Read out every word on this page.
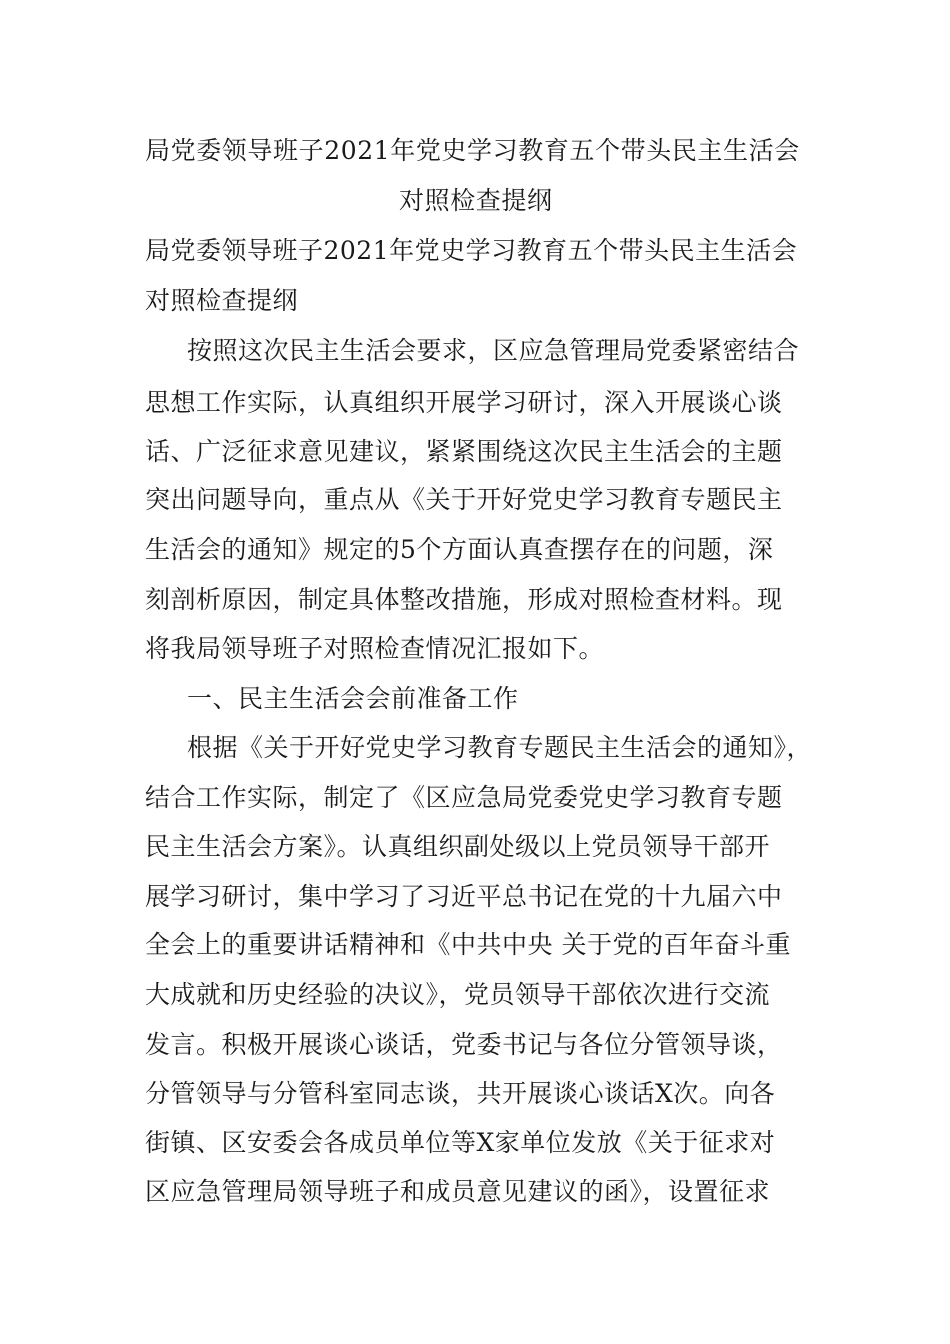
局党委领导班子2021年党史学习教育五个带头民主生活会
对照检查提纲
局党委领导班子2021年党史学习教育五个带头民主生活会
对照检查提纲
按照这次民主生活会要求，区应急管理局党委紧密结合
思想工作实际，认真组织开展学习研讨，深入开展谈心谈
话、广泛征求意见建议，紧紧围绕这次民主生活会的主题
突出问题导向，重点从《关于开好党史学习教育专题民主
生活会的通知》规定的5个方面认真查摆存在的问题，深
刻剖析原因，制定具体整改措施，形成对照检查材料。现
将我局领导班子对照检查情况汇报如下。
一、民主生活会会前准备工作
根据《关于开好党史学习教育专题民主生活会的通知》，
结合工作实际，制定了《区应急局党委党史学习教育专题
民主生活会方案》。认真组织副处级以上党员领导干部开
展学习研讨，集中学习了习近平总书记在党的十九届六中
全会上的重要讲话精神和《中共中央 关于党的百年奋斗重
大成就和历史经验的决议》，党员领导干部依次进行交流
发言。积极开展谈心谈话，党委书记与各位分管领导谈，
分管领导与分管科室同志谈，共开展谈心谈话X次。向各
街镇、区安委会各成员单位等X家单位发放《关于征求对
区应急管理局领导班子和成员意见建议的函》，设置征求
